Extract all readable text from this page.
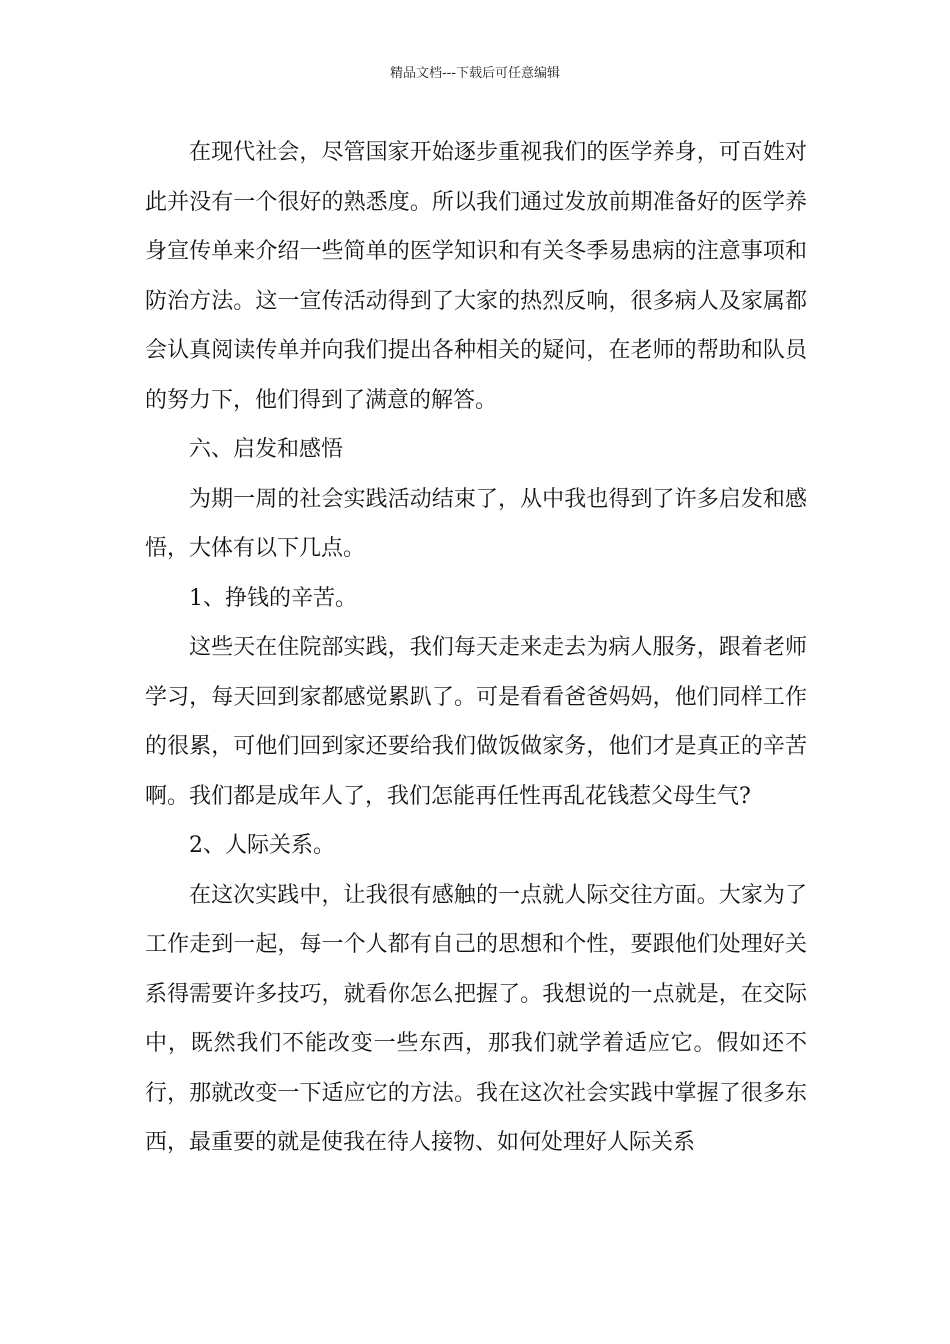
精品文档---下载后可任意编辑

在现代社会，尽管国家开始逐步重视我们的医学养身，可百姓对此并没有一个很好的熟悉度。所以我们通过发放前期准备好的医学养身宣传单来介绍一些简单的医学知识和有关冬季易患病的注意事项和防治方法。这一宣传活动得到了大家的热烈反响，很多病人及家属都会认真阅读传单并向我们提出各种相关的疑问，在老师的帮助和队员的努力下，他们得到了满意的解答。

六、启发和感悟

为期一周的社会实践活动结束了，从中我也得到了许多启发和感悟，大体有以下几点。

1、挣钱的辛苦。

这些天在住院部实践，我们每天走来走去为病人服务，跟着老师学习，每天回到家都感觉累趴了。可是看看爸爸妈妈，他们同样工作的很累，可他们回到家还要给我们做饭做家务，他们才是真正的辛苦啊。我们都是成年人了，我们怎能再任性再乱花钱惹父母生气?

2、人际关系。

在这次实践中，让我很有感触的一点就人际交往方面。大家为了工作走到一起，每一个人都有自己的思想和个性，要跟他们处理好关系得需要许多技巧，就看你怎么把握了。我想说的一点就是，在交际中，既然我们不能改变一些东西，那我们就学着适应它。假如还不行，那就改变一下适应它的方法。我在这次社会实践中掌握了很多东西，最重要的就是使我在待人接物、如何处理好人际关系
